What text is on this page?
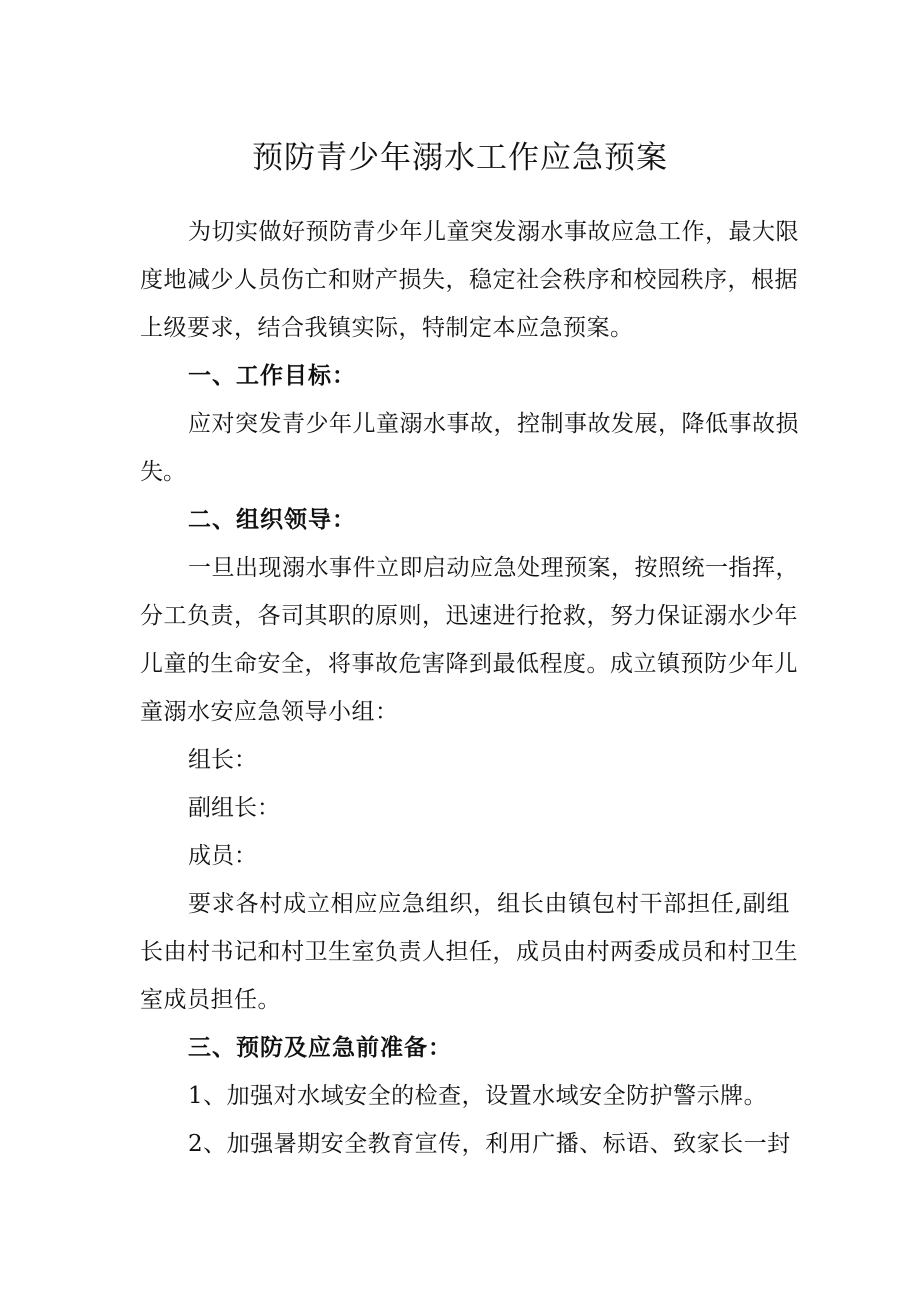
预防青少年溺水工作应急预案
为切实做好预防青少年儿童突发溺水事故应急工作，最大限
度地减少人员伤亡和财产损失，稳定社会秩序和校园秩序，根据
上级要求，结合我镇实际，特制定本应急预案。
一、工作目标：
应对突发青少年儿童溺水事故，控制事故发展，降低事故损
失。
二、组织领导：
一旦出现溺水事件立即启动应急处理预案，按照统一指挥，
分工负责，各司其职的原则，迅速进行抢救，努力保证溺水少年
儿童的生命安全，将事故危害降到最低程度。成立镇预防少年儿
童溺水安应急领导小组：
组长：
副组长：
成员：
要求各村成立相应应急组织，组长由镇包村干部担任,副组
长由村书记和村卫生室负责人担任，成员由村两委成员和村卫生
室成员担任。
三、预防及应急前准备：
1、加强对水域安全的检查，设置水域安全防护警示牌。
2、加强暑期安全教育宣传，利用广播、标语、致家长一封
